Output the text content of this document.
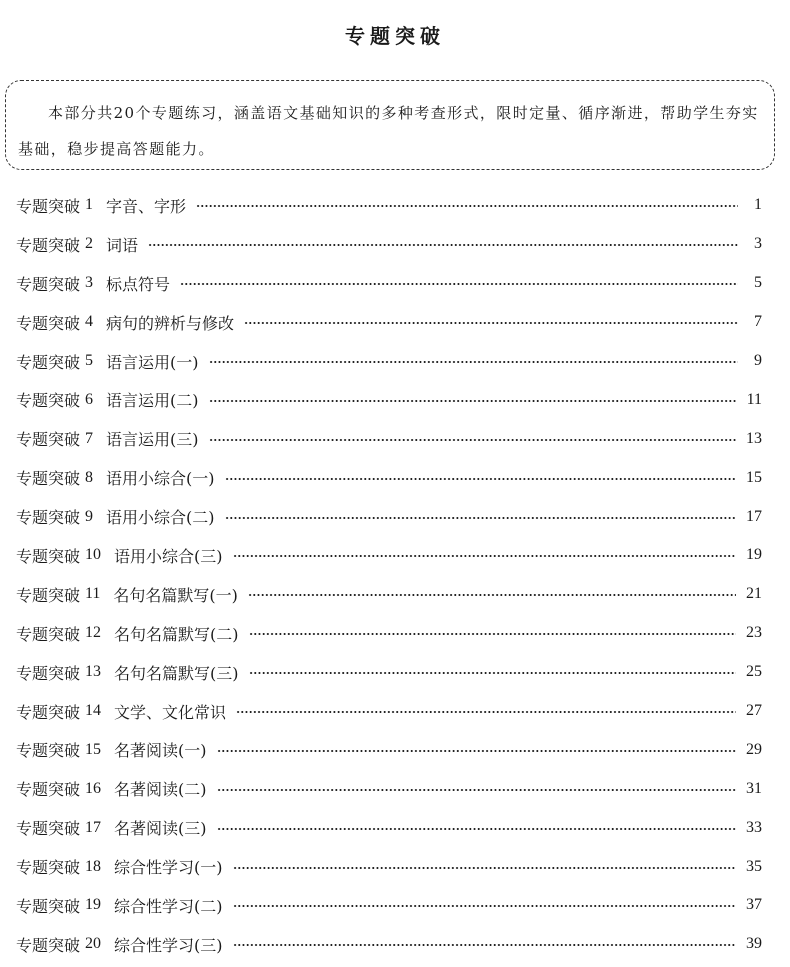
专题突破

本部分共20个专题练习，涵盖语文基础知识的多种考查形式，限时定量、循序渐进，帮助学生夯实基础，稳步提高答题能力。

专题突破 1 字音、字形	1
专题突破 2 词语	3
专题突破 3 标点符号	5
专题突破 4 病句的辨析与修改	7
专题突破 5 语言运用(一)	9
专题突破 6 语言运用(二)	11
专题突破 7 语言运用(三)	13
专题突破 8 语用小综合(一)	15
专题突破 9 语用小综合(二)	17
专题突破 10 语用小综合(三)	19
专题突破 11 名句名篇默写(一)	21
专题突破 12 名句名篇默写(二)	23
专题突破 13 名句名篇默写(三)	25
专题突破 14 文学、文化常识	27
专题突破 15 名著阅读(一)	29
专题突破 16 名著阅读(二)	31
专题突破 17 名著阅读(三)	33
专题突破 18 综合性学习(一)	35
专题突破 19 综合性学习(二)	37
专题突破 20 综合性学习(三)	39
